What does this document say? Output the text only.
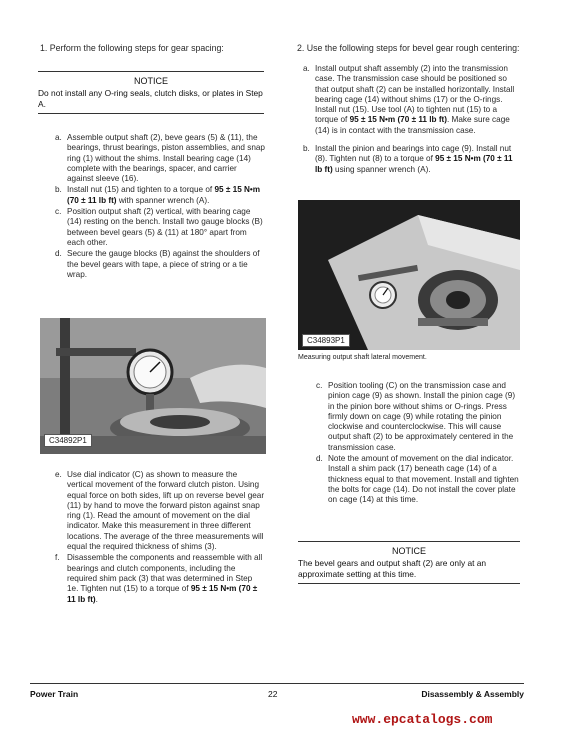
1. Perform the following steps for gear spacing:
NOTICE
Do not install any O-ring seals, clutch disks, or plates in Step A.
a. Assemble output shaft (2), beve gears (5) & (11), the bearings, thrust bearings, piston assemblies, and snap ring (1) without the shims. Install bearing cage (14) complete with the bearings, spacer, and carrier against sleeve (16).
b. Install nut (15) and tighten to a torque of 95 ± 15 N•m (70 ± 11 lb ft) with spanner wrench (A).
c. Position output shaft (2) vertical, with bearing cage (14) resting on the bench. Install two gauge blocks (B) between bevel gears (5) & (11) at 180° apart from each other.
d. Secure the gauge blocks (B) against the shoulders of the bevel gears with tape, a piece of string or a tie wrap.
C34892P1
e. Use dial indicator (C) as shown to measure the vertical movement of the forward clutch piston. Using equal force on both sides, lift up on reverse bevel gear (11) by hand to move the forward piston against snap ring (1). Read the amount of movement on the dial indicator. Make this measurement in three different locations. The average of the three measurements will equal the required thickness of shims (3).
f. Disassemble the components and reassemble with all bearings and clutch components, including the required shim pack (3) that was determined in Step 1e. Tighten nut (15) to a torque of 95 ± 15 N•m (70 ± 11 lb ft).
2. Use the following steps for bevel gear rough centering:
a. Install output shaft assembly (2) into the transmission case. The transmission case should be positioned so that output shaft (2) can be installed horizontally. Install bearing cage (14) without shims (17) or the O-rings. Install nut (15). Use tool (A) to tighten nut (15) to a torque of 95 ± 15 N•m (70 ± 11 lb ft). Make sure cage (14) is in contact with the transmission case.
b. Install the pinion and bearings into cage (9). Install nut (8). Tighten nut (8) to a torque of 95 ± 15 N•m (70 ± 11 lb ft) using spanner wrench (A).
C34893P1
Measuring output shaft lateral movement.
c. Position tooling (C) on the transmission case and pinion cage (9) as shown. Install the pinion cage (9) in the pinion bore without shims or O-rings. Press firmly down on cage (9) while rotating the pinion clockwise and counterclockwise. This will cause output shaft (2) to be approximately centered in the transmission case.
d. Note the amount of movement on the dial indicator. Install a shim pack (17) beneath cage (14) of a thickness equal to that movement. Install and tighten the bolts for cage (14). Do not install the cover plate on cage (14) at this time.
NOTICE
The bevel gears and output shaft (2) are only at an approximate setting at this time.
Power Train	22	Disassembly & Assembly
www.epcatalogs.com
